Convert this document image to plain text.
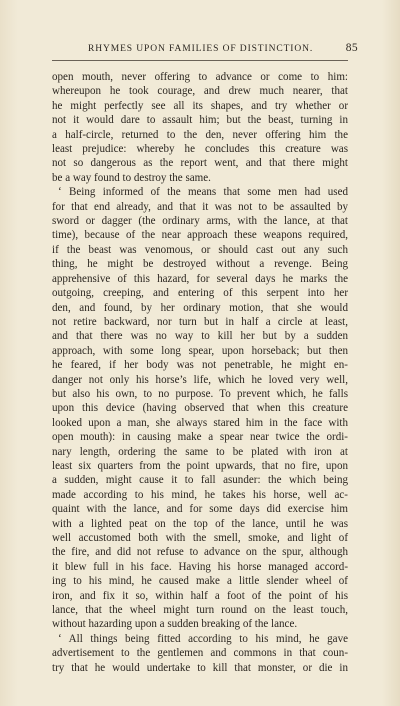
RHYMES UPON FAMILIES OF DISTINCTION.	85
open mouth, never offering to advance or come to him:
whereupon he took courage, and drew much nearer, that
he might perfectly see all its shapes, and try whether or
not it would dare to assault him; but the beast, turning in
a half-circle, returned to the den, never offering him the
least prejudice: whereby he concludes this creature was
not so dangerous as the report went, and that there might
be a way found to destroy the same.
‘ Being informed of the means that some men had used
for that end already, and that it was not to be assaulted by
sword or dagger (the ordinary arms, with the lance, at that
time), because of the near approach these weapons required,
if the beast was venomous, or should cast out any such
thing, he might be destroyed without a revenge. Being
apprehensive of this hazard, for several days he marks the
outgoing, creeping, and entering of this serpent into her
den, and found, by her ordinary motion, that she would
not retire backward, nor turn but in half a circle at least,
and that there was no way to kill her but by a sudden
approach, with some long spear, upon horseback; but then
he feared, if her body was not penetrable, he might en-
danger not only his horse’s life, which he loved very well,
but also his own, to no purpose. To prevent which, he falls
upon this device (having observed that when this creature
looked upon a man, she always stared him in the face with
open mouth): in causing make a spear near twice the ordi-
nary length, ordering the same to be plated with iron at
least six quarters from the point upwards, that no fire, upon
a sudden, might cause it to fall asunder: the which being
made according to his mind, he takes his horse, well ac-
quaint with the lance, and for some days did exercise him
with a lighted peat on the top of the lance, until he was
well accustomed both with the smell, smoke, and light of
the fire, and did not refuse to advance on the spur, although
it blew full in his face. Having his horse managed accord-
ing to his mind, he caused make a little slender wheel of
iron, and fix it so, within half a foot of the point of his
lance, that the wheel might turn round on the least touch,
without hazarding upon a sudden breaking of the lance.
‘ All things being fitted according to his mind, he gave
advertisement to the gentlemen and commons in that coun-
try that he would undertake to kill that monster, or die in
